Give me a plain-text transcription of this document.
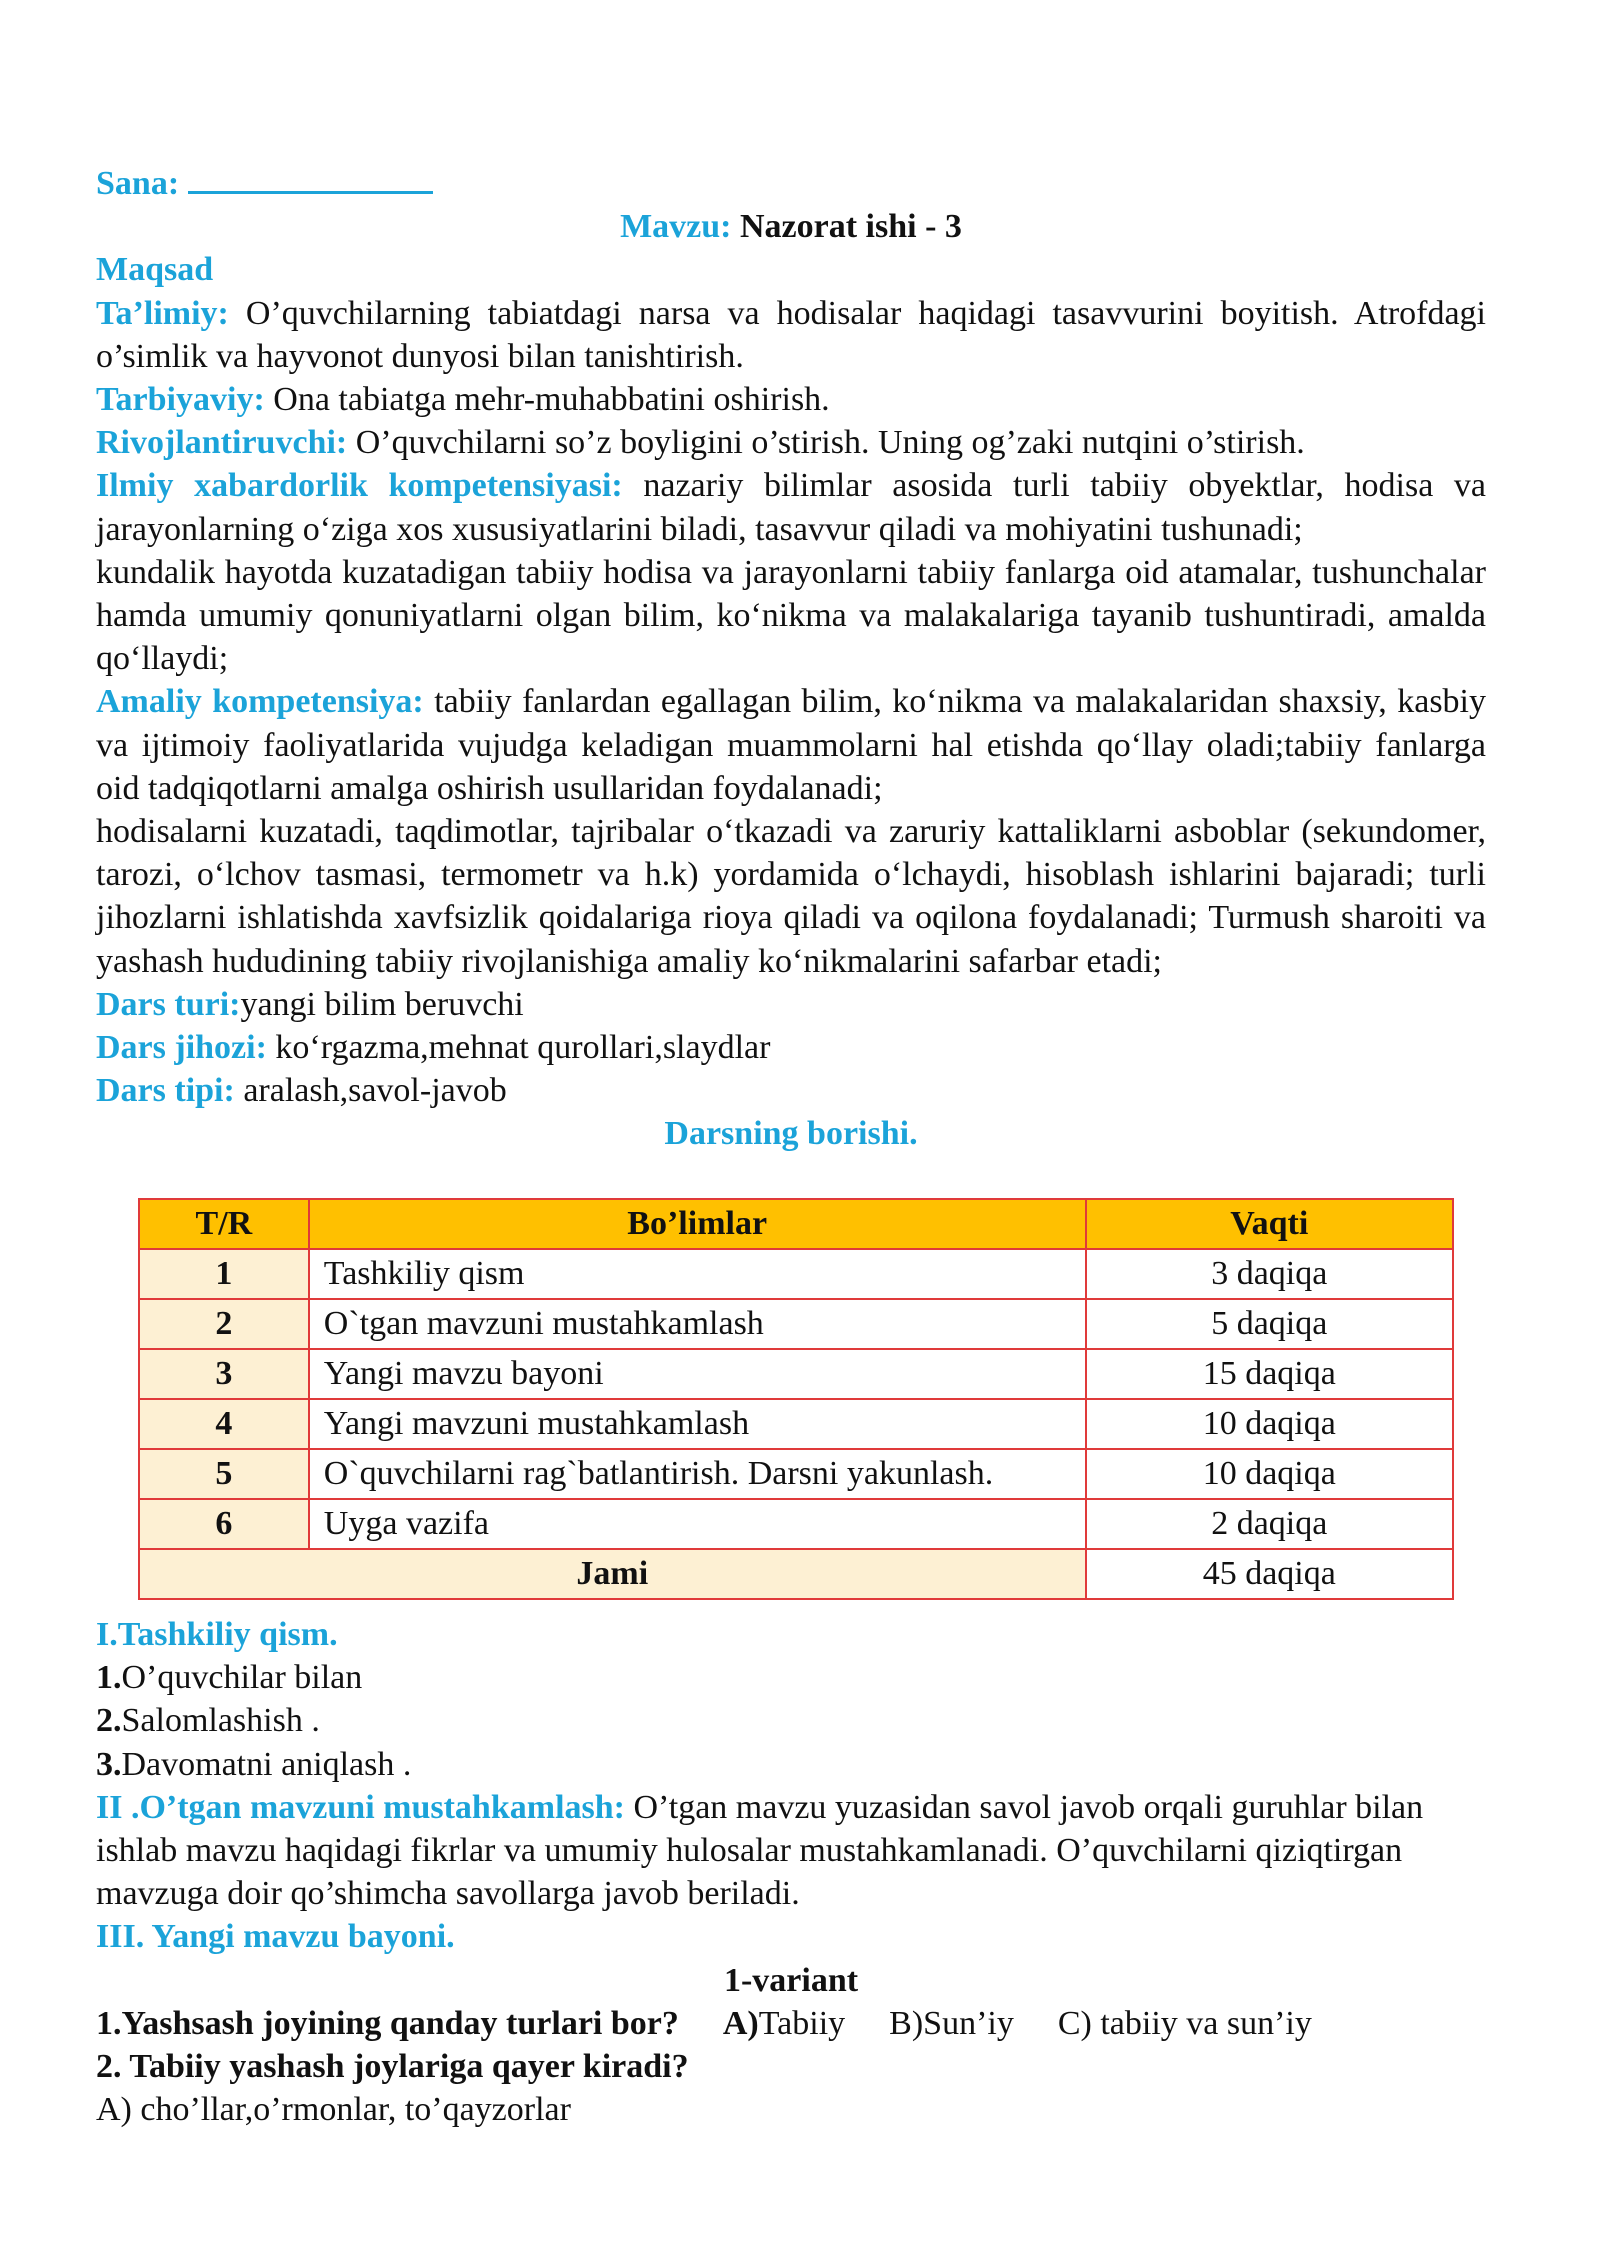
Sana:
Mavzu: Nazorat ishi - 3
Maqsad
Ta’limiy: O’quvchilarning tabiatdagi narsa va hodisalar haqidagi tasavvurini boyitish. Atrofdagi o’simlik va hayvonot dunyosi bilan tanishtirish.
Tarbiyaviy: Ona tabiatga mehr-muhabbatini oshirish.
Rivojlantiruvchi: O’quvchilarni so’z boyligini o’stirish. Uning og’zaki nutqini o’stirish.
Ilmiy xabardorlik kompetensiyasi: nazariy bilimlar asosida turli tabiiy obyektlar, hodisa va jarayonlarning o‘ziga xos xususiyatlarini biladi, tasavvur qiladi va mohiyatini tushunadi;
kundalik hayotda kuzatadigan tabiiy hodisa va jarayonlarni tabiiy fanlarga oid atamalar, tushunchalar hamda umumiy qonuniyatlarni olgan bilim, ko‘nikma va malakalariga tayanib tushuntiradi, amalda qo‘llaydi;
Amaliy kompetensiya: tabiiy fanlardan egallagan bilim, ko‘nikma va malakalaridan shaxsiy, kasbiy va ijtimoiy faoliyatlarida vujudga keladigan muammolarni hal etishda qo‘llay oladi;tabiiy fanlarga oid tadqiqotlarni amalga oshirish usullaridan foydalanadi;
hodisalarni kuzatadi, taqdimotlar, tajribalar o‘tkazadi va zaruriy kattaliklarni asboblar (sekundomer, tarozi, o‘lchov tasmasi, termometr va h.k) yordamida o‘lchaydi, hisoblash ishlarini bajaradi; turli jihozlarni ishlatishda xavfsizlik qoidalariga rioya qiladi va oqilona foydalanadi; Turmush sharoiti va yashash hududining tabiiy rivojlanishiga amaliy ko‘nikmalarini safarbar etadi;
Dars turi:yangi bilim beruvchi
Dars jihozi: ko‘rgazma,mehnat qurollari,slaydlar
Dars tipi: aralash,savol-javob
Darsning borishi.
T/R	Bo’limlar	Vaqti
1	Tashkiliy qism	3 daqiqa
2	O`tgan mavzuni mustahkamlash	5 daqiqa
3	Yangi mavzu bayoni	15 daqiqa
4	Yangi mavzuni mustahkamlash	10 daqiqa
5	O`quvchilarni rag`batlantirish. Darsni yakunlash.	10 daqiqa
6	Uyga vazifa	2 daqiqa
Jami		45 daqiqa
I.Tashkiliy qism.
1.O’quvchilar bilan
2.Salomlashish .
3.Davomatni aniqlash .
II .O’tgan mavzuni mustahkamlash: O’tgan mavzu yuzasidan savol javob orqali guruhlar bilan ishlab mavzu haqidagi fikrlar va umumiy hulosalar mustahkamlanadi. O’quvchilarni qiziqtirgan mavzuga doir qo’shimcha savollarga javob beriladi.
III. Yangi mavzu bayoni.
1-variant
1.Yashsash joyining qanday turlari bor? A)Tabiiy B)Sun’iy C) tabiiy va sun’iy
2. Tabiiy yashash joylariga qayer kiradi?
A) cho’llar,o’rmonlar, to’qayzorlar
